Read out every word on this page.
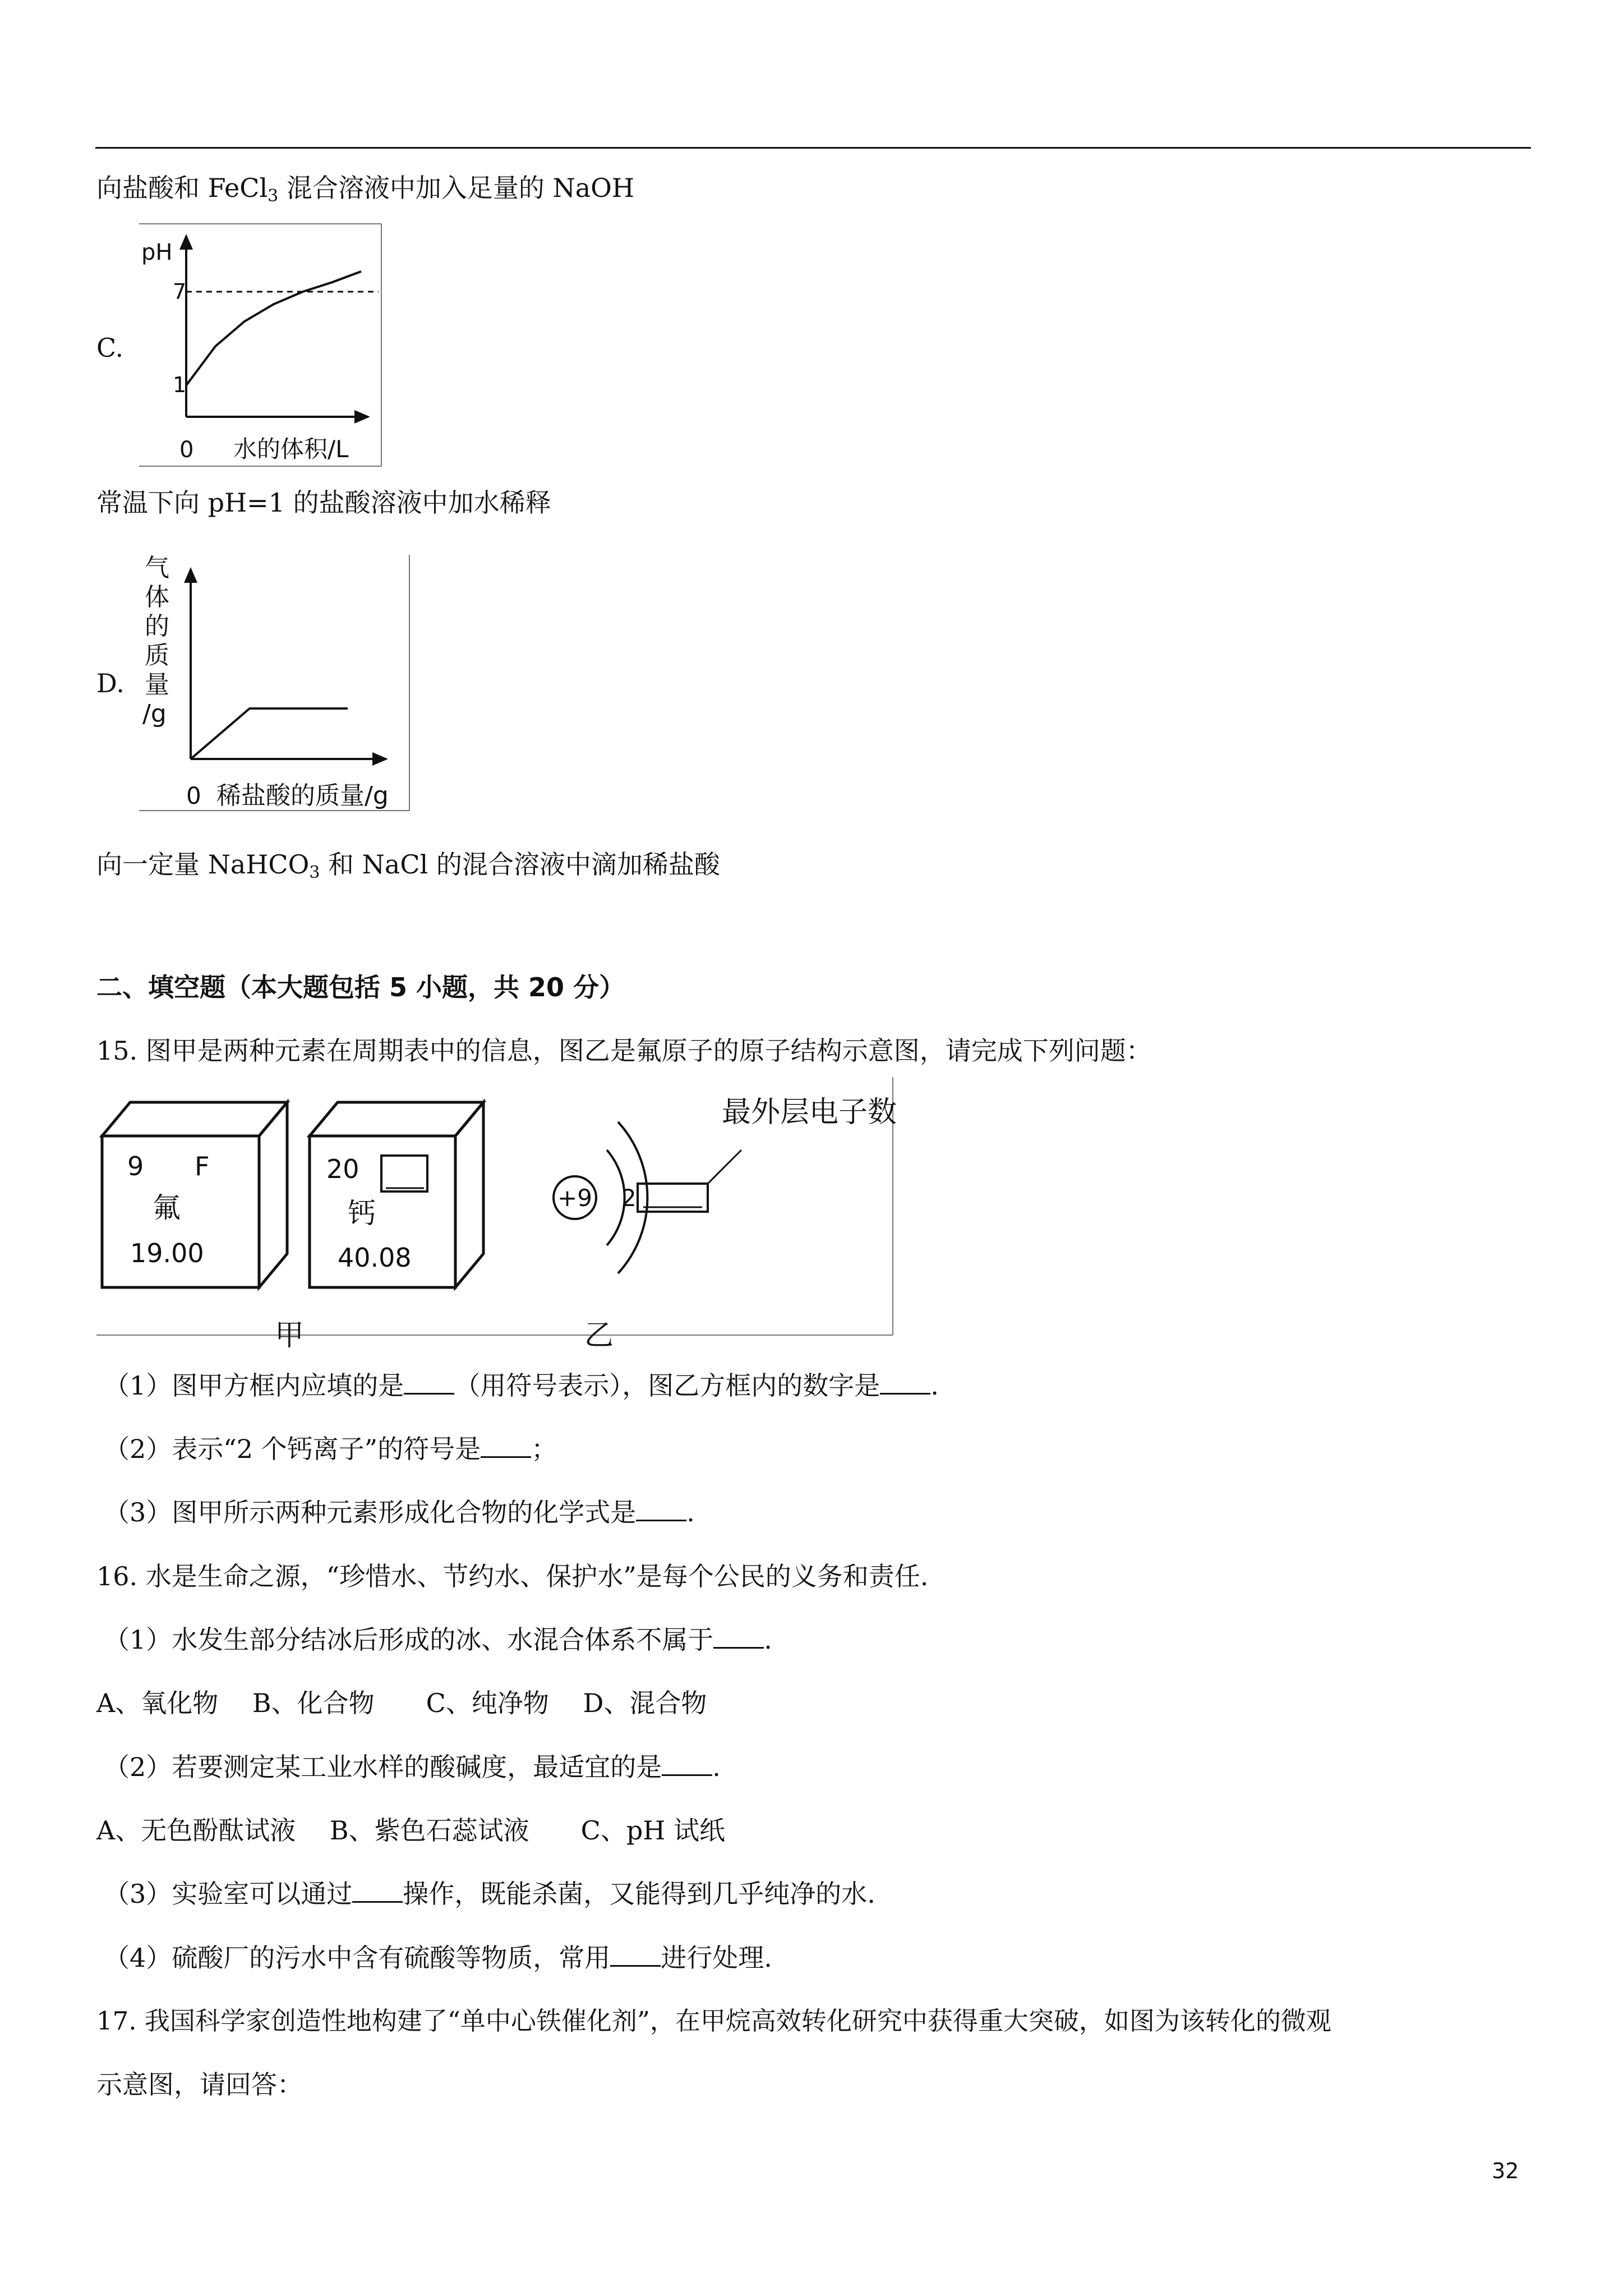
向盐酸和 FeCl$_3$ 混合溶液中加入足量的 NaOH
C.
pH
7
1
0 水的体积/L
常温下向 pH=1 的盐酸溶液中加水稀释
D.
气
体
的
质
量
/g
0 稀盐酸的质量/g
向一定量 NaHCO$_3$ 和 NaCl 的混合溶液中滴加稀盐酸
二、填空题（本大题包括 5 小题，共 20 分）
15. 图甲是两种元素在周期表中的信息，图乙是氟原子的原子结构示意图，请完成下列问题：
9 F
氟
19.00
20
钙
40.08
+9 2
最外层电子数
甲	乙
（1）图甲方框内应填的是 （用符号表示），图乙方框内的数字是 .
（2）表示“2 个钙离子”的符号是 ；
（3）图甲所示两种元素形成化合物的化学式是 .
16. 水是生命之源，“珍惜水、节约水、保护水”是每个公民的义务和责任.
（1）水发生部分结冰后形成的冰、水混合体系不属于 .
A、氧化物　 B、化合物　　C、纯净物　 D、混合物
（2）若要测定某工业水样的酸碱度，最适宜的是 .
A、无色酚酞试液　 B、紫色石蕊试液　　C、pH 试纸
（3）实验室可以通过 操作，既能杀菌，又能得到几乎纯净的水.
（4）硫酸厂的污水中含有硫酸等物质，常用 进行处理.
17. 我国科学家创造性地构建了“单中心铁催化剂”，在甲烷高效转化研究中获得重大突破，如图为该转化的微观
示意图，请回答：
32
